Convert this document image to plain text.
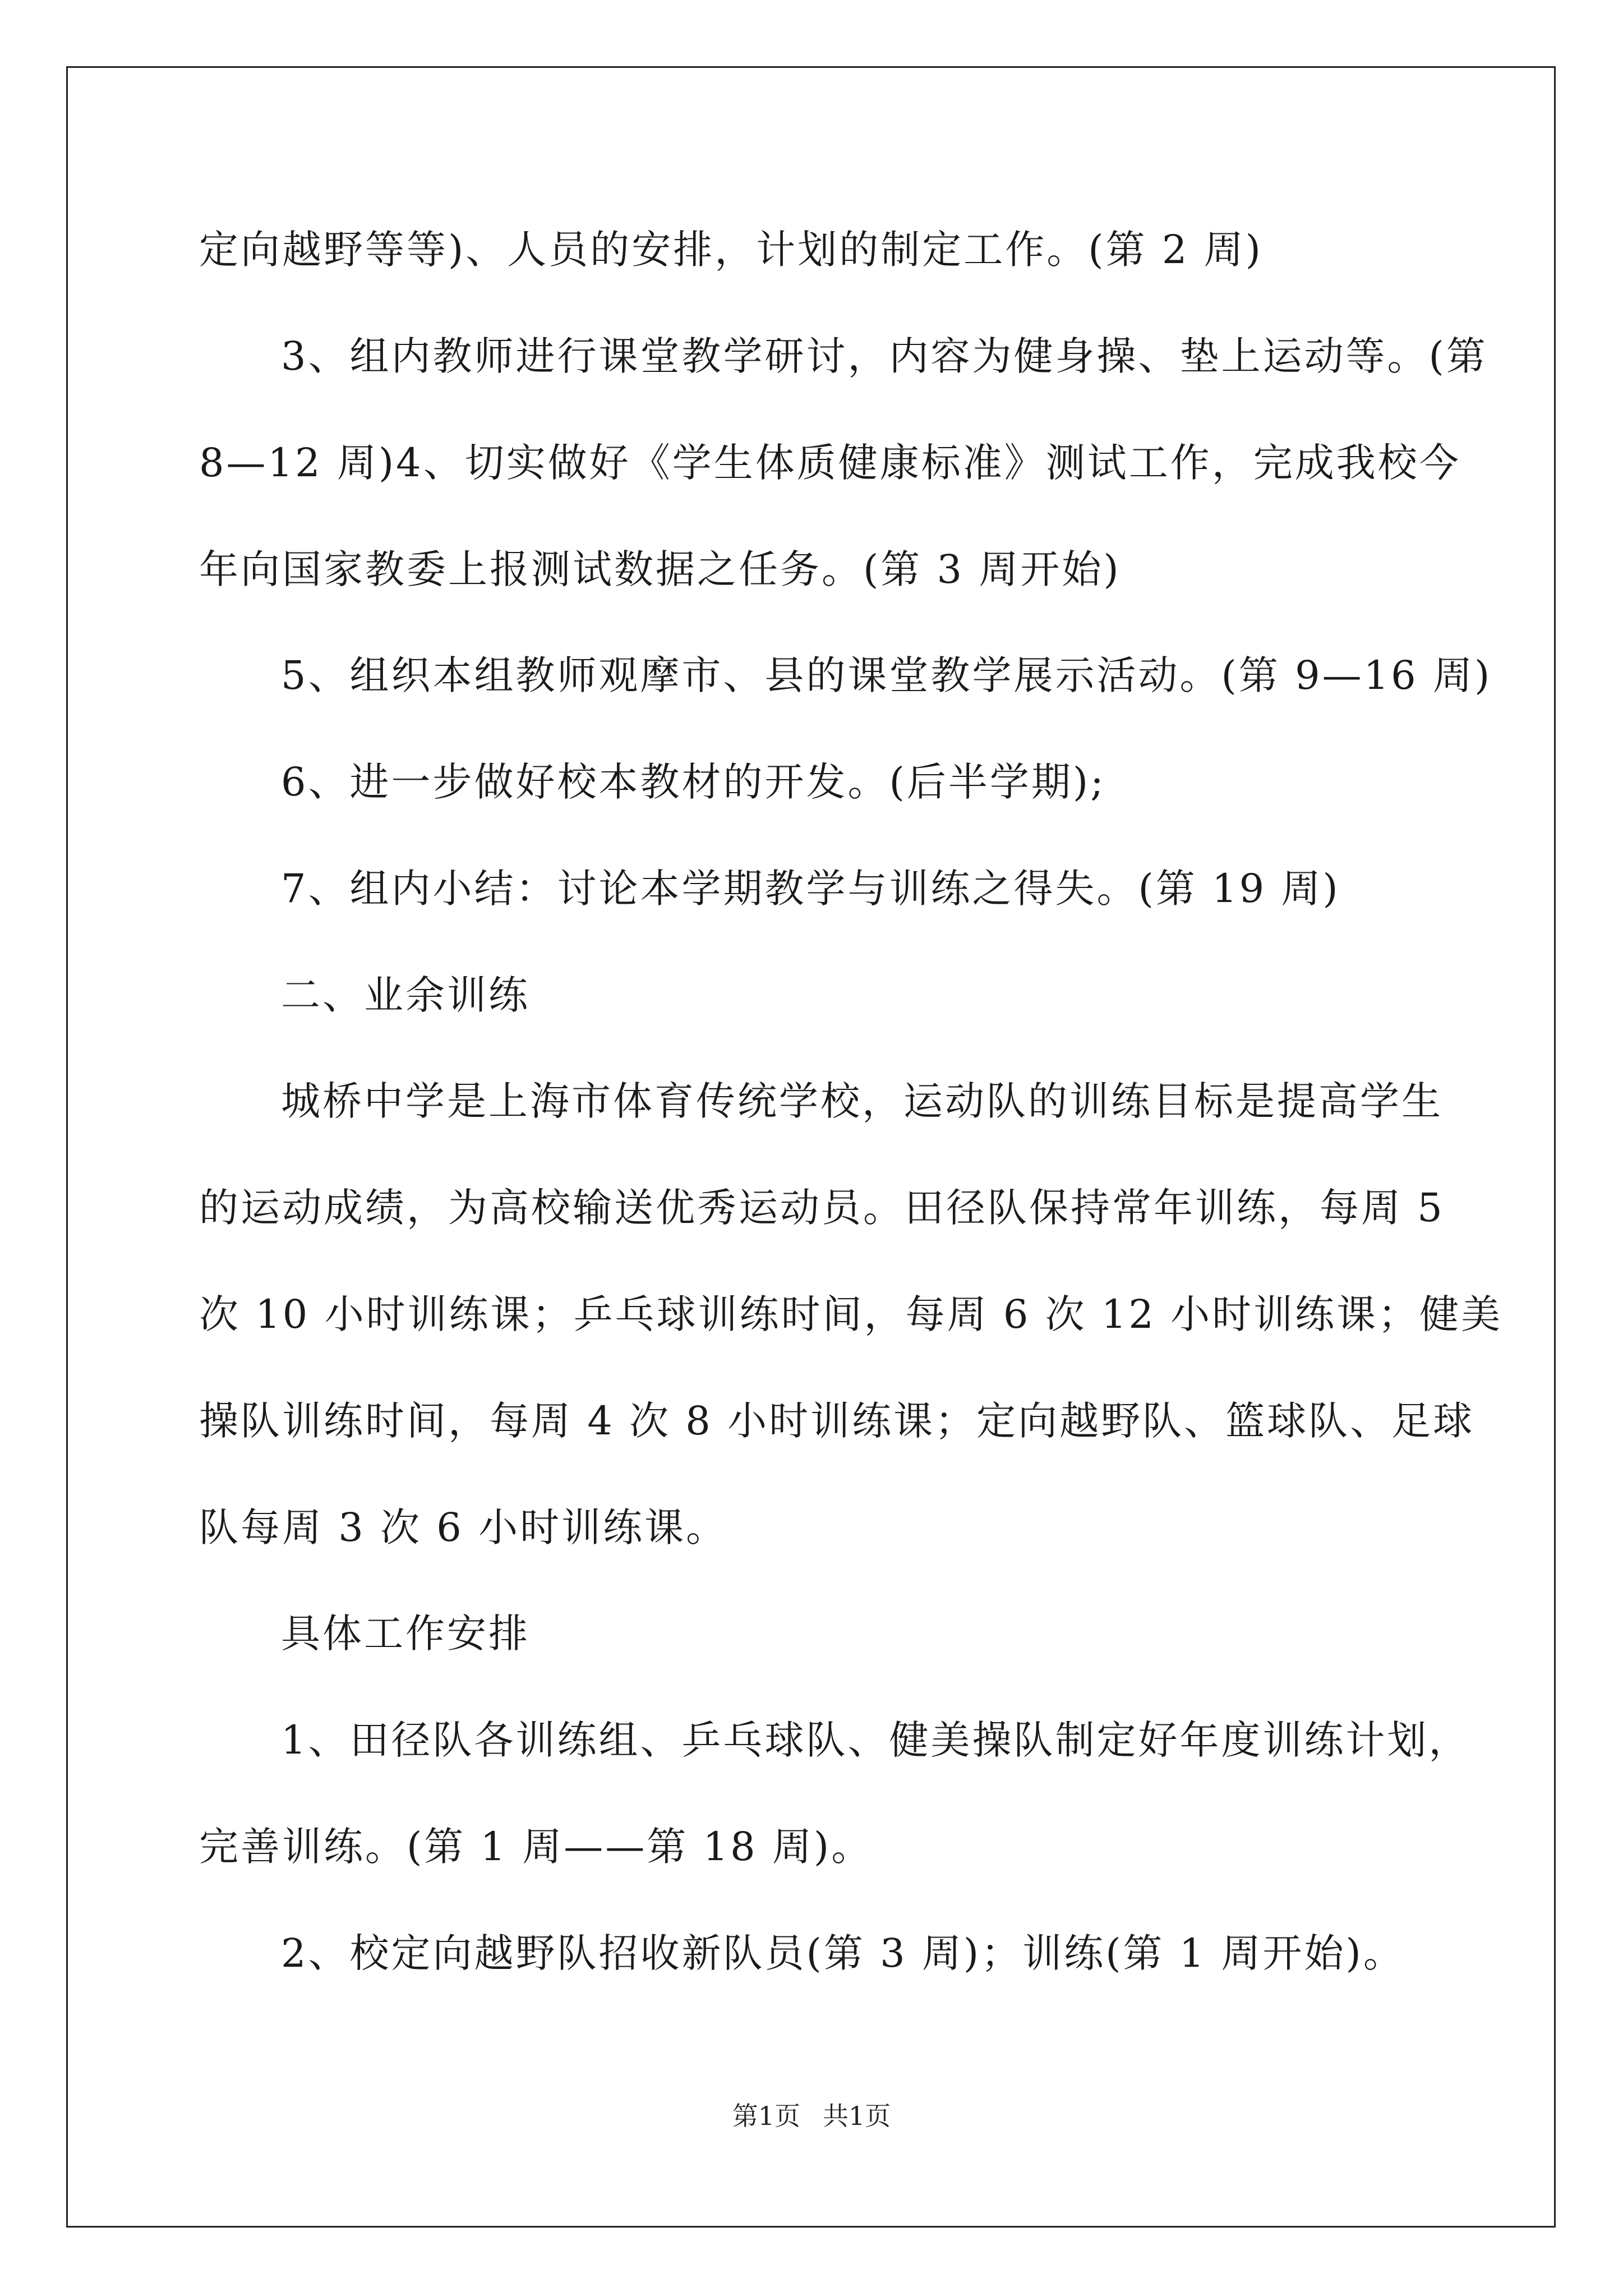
定向越野等等)、人员的安排，计划的制定工作。(第 2 周)
3、组内教师进行课堂教学研讨，内容为健身操、垫上运动等。(第
8—12 周)4、切实做好《学生体质健康标准》测试工作，完成我校今
年向国家教委上报测试数据之任务。(第 3 周开始)
5、组织本组教师观摩市、县的课堂教学展示活动。(第 9—16 周)
6、进一步做好校本教材的开发。(后半学期);
7、组内小结：讨论本学期教学与训练之得失。(第 19 周)
二、业余训练
城桥中学是上海市体育传统学校，运动队的训练目标是提高学生
的运动成绩，为高校输送优秀运动员。田径队保持常年训练，每周 5
次 10 小时训练课；乒乓球训练时间，每周 6 次 12 小时训练课；健美
操队训练时间，每周 4 次 8 小时训练课；定向越野队、篮球队、足球
队每周 3 次 6 小时训练课。
具体工作安排
1、田径队各训练组、乒乓球队、健美操队制定好年度训练计划，
完善训练。(第 1 周——第 18 周)。
2、校定向越野队招收新队员(第 3 周)；训练(第 1 周开始)。
第1页 共1页
